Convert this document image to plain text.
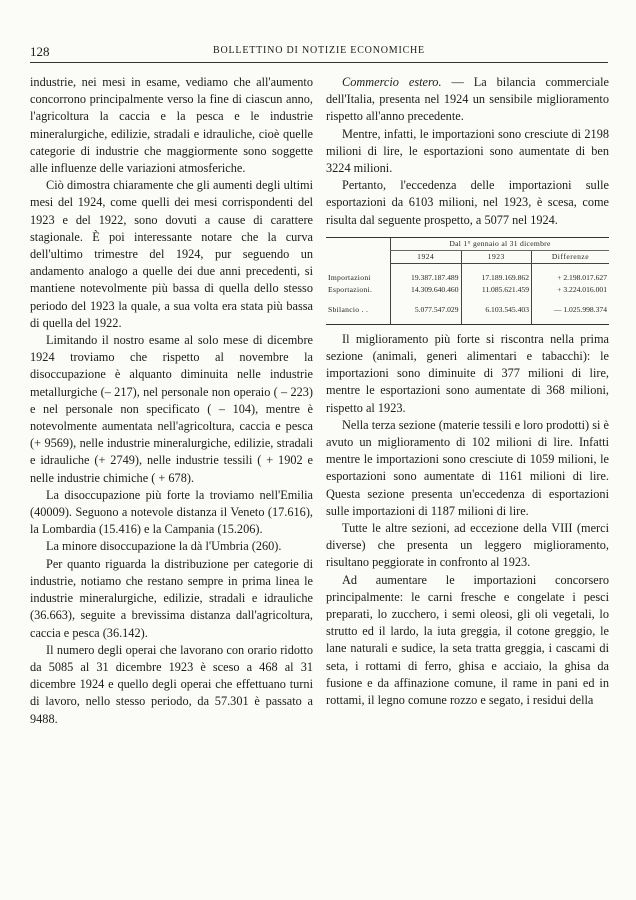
128	BOLLETTINO DI NOTIZIE ECONOMICHE

industrie, nei mesi in esame, vediamo che all'aumento concorrono principalmente verso la fine di ciascun anno, l'agricoltura la caccia e la pesca e le industrie mineralurgiche, edilizie, stradali e idrauliche, cioè quelle categorie di industrie che maggiormente sono soggette alle influenze delle variazioni atmosferiche.

Ciò dimostra chiaramente che gli aumenti degli ultimi mesi del 1924, come quelli dei mesi corrispondenti del 1923 e del 1922, sono dovuti a cause di carattere stagionale. È poi interessante notare che la curva dell'ultimo trimestre del 1924, pur seguendo un andamento analogo a quelle dei due anni precedenti, si mantiene notevolmente più bassa di quella dello stesso periodo del 1923 la quale, a sua volta era stata più bassa di quella del 1922.

Limitando il nostro esame al solo mese di dicembre 1924 troviamo che rispetto al novembre la disoccupazione è alquanto diminuita nelle industrie metallurgiche (– 217), nel personale non operaio ( – 223) e nel personale non specificato ( – 104), mentre è notevolmente aumentata nell'agricoltura, caccia e pesca (+ 9569), nelle industrie mineralurgiche, edilizie, stradali e idrauliche (+ 2749), nelle industrie tessili ( + 1902 e nelle industrie chimiche ( + 678).

La disoccupazione più forte la troviamo nell'Emilia (40009). Seguono a notevole distanza il Veneto (17.616), la Lombardia (15.416) e la Campania (15.206).

La minore disoccupazione la dà l'Umbria (260).

Per quanto riguarda la distribuzione per categorie di industrie, notiamo che restano sempre in prima linea le industrie mineralurgiche, edilizie, stradali e idrauliche (36.663), seguite a brevissima distanza dall'agricoltura, caccia e pesca (36.142).

Il numero degli operai che lavorano con orario ridotto da 5085 al 31 dicembre 1923 è sceso a 468 al 31 dicembre 1924 e quello degli operai che effettuano turni di lavoro, nello stesso periodo, da 57.301 è passato a 9488.

Commercio estero. — La bilancia commerciale dell'Italia, presenta nel 1924 un sensibile miglioramento rispetto all'anno precedente.

Mentre, infatti, le importazioni sono cresciute di 2198 milioni di lire, le esportazioni sono aumentate di ben 3224 milioni.

Pertanto, l'eccedenza delle importazioni sulle esportazioni da 6103 milioni, nel 1923, è scesa, come risulta dal seguente prospetto, a 5077 nel 1924.

	Dal 1° gennaio al 31 dicembre		
	1924	1923	Differenze

Importazioni	19.387.187.489	17.189.169.862	+ 2.198.017.627
Esportazioni.	14.309.640.460	11.085.621.459	+ 3.224.016.001

Sbilancio . .	5.077.547.029	6.103.545.403	— 1.025.998.374

Il miglioramento più forte si riscontra nella prima sezione (animali, generi alimentari e tabacchi): le importazioni sono diminuite di 377 milioni di lire, mentre le esportazioni sono aumentate di 368 milioni, rispetto al 1923.

Nella terza sezione (materie tessili e loro prodotti) si è avuto un miglioramento di 102 milioni di lire. Infatti mentre le importazioni sono cresciute di 1059 milioni, le esportazioni sono aumentate di 1161 milioni di lire. Questa sezione presenta un'eccedenza di esportazioni sulle importazioni di 1187 milioni di lire.

Tutte le altre sezioni, ad eccezione della VIII (merci diverse) che presenta un leggero miglioramento, risultano peggiorate in confronto al 1923.

Ad aumentare le importazioni concorsero principalmente: le carni fresche e congelate i pesci preparati, lo zucchero, i semi oleosi, gli oli vegetali, lo strutto ed il lardo, la iuta greggia, il cotone greggio, le lane naturali e sudice, la seta tratta greggia, i cascami di seta, i rottami di ferro, ghisa e acciaio, la ghisa da fusione e da affinazione comune, il rame in pani ed in rottami, il legno comune rozzo e segato, i residui della
